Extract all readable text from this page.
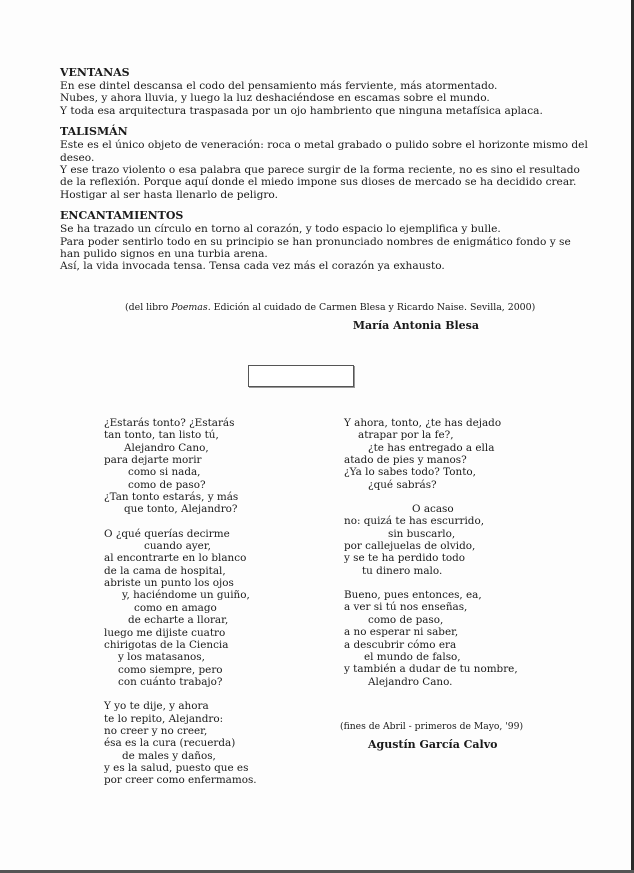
VENTANAS
En ese dintel descansa el codo del pensamiento más ferviente, más atormentado.
Nubes, y ahora lluvia, y luego la luz deshaciéndose en escamas sobre el mundo.
Y toda esa arquitectura traspasada por un ojo hambriento que ninguna metafísica aplaca.
TALISMÁN
Este es el único objeto de veneración: roca o metal grabado o pulido sobre el horizonte mismo del
deseo.
Y ese trazo violento o esa palabra que parece surgir de la forma reciente, no es sino el resultado
de la reflexión. Porque aquí donde el miedo impone sus dioses de mercado se ha decidido crear.
Hostigar al ser hasta llenarlo de peligro.
ENCANTAMIENTOS
Se ha trazado un círculo en torno al corazón, y todo espacio lo ejemplifica y bulle.
Para poder sentirlo todo en su principio se han pronunciado nombres de enigmático fondo y se
han pulido signos en una turbia arena.
Así, la vida invocada tensa. Tensa cada vez más el corazón ya exhausto.
(del libro Poemas. Edición al cuidado de Carmen Blesa y Ricardo Naise. Sevilla, 2000)
María Antonia Blesa
¿Estarás tonto? ¿Estarás
tan tonto, tan listo tú,
Alejandro Cano,
para dejarte morir
como si nada,
como de paso?
¿Tan tonto estarás, y más
que tonto, Alejandro?
O ¿qué querías decirme
cuando ayer,
al encontrarte en lo blanco
de la cama de hospital,
abriste un punto los ojos
y, haciéndome un guiño,
como en amago
de echarte a llorar,
luego me dijiste cuatro
chirigotas de la Ciencia
y los matasanos,
como siempre, pero
con cuánto trabajo?
Y yo te dije, y ahora
te lo repito, Alejandro:
no creer y no creer,
ésa es la cura (recuerda)
de males y daños,
y es la salud, puesto que es
por creer como enfermamos.
Y ahora, tonto, ¿te has dejado
atrapar por la fe?,
¿te has entregado a ella
atado de pies y manos?
¿Ya lo sabes todo? Tonto,
¿qué sabrás?
O acaso
no: quizá te has escurrido,
sin buscarlo,
por callejuelas de olvido,
y se te ha perdido todo
tu dinero malo.
Bueno, pues entonces, ea,
a ver si tú nos enseñas,
como de paso,
a no esperar ni saber,
a descubrir cómo era
el mundo de falso,
y también a dudar de tu nombre,
Alejandro Cano.
(fines de Abril - primeros de Mayo, '99)
Agustín García Calvo
